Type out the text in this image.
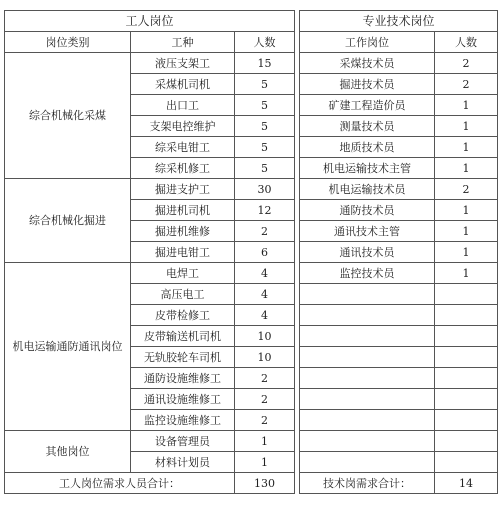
工人岗位				专业技术岗位	
岗位类别	工种	人数		工作岗位	人数
综合机械化采煤	液压支架工	15		采煤技术员	2
	采煤机司机	5		掘进技术员	2
	出口工	5		矿建工程造价员	1
	支架电控维护	5		测量技术员	1
	综采电钳工	5		地质技术员	1
	综采机修工	5		机电运输技术主管	1
综合机械化掘进	掘进支护工	30		机电运输技术员	2
	掘进机司机	12		通防技术员	1
	掘进机维修	2		通讯技术主管	1
	掘进电钳工	6		通讯技术员	1
机电运输通防通讯岗位	电焊工	4		监控技术员	1
	高压电工	4			
	皮带检修工	4			
	皮带输送机司机	10			
	无轨胶轮车司机	10			
	通防设施维修工	2			
	通讯设施维修工	2			
	监控设施维修工	2			
其他岗位	设备管理员	1			
	材料计划员	1			
工人岗位需求人员合计：		130		技术岗需求合计：	14
